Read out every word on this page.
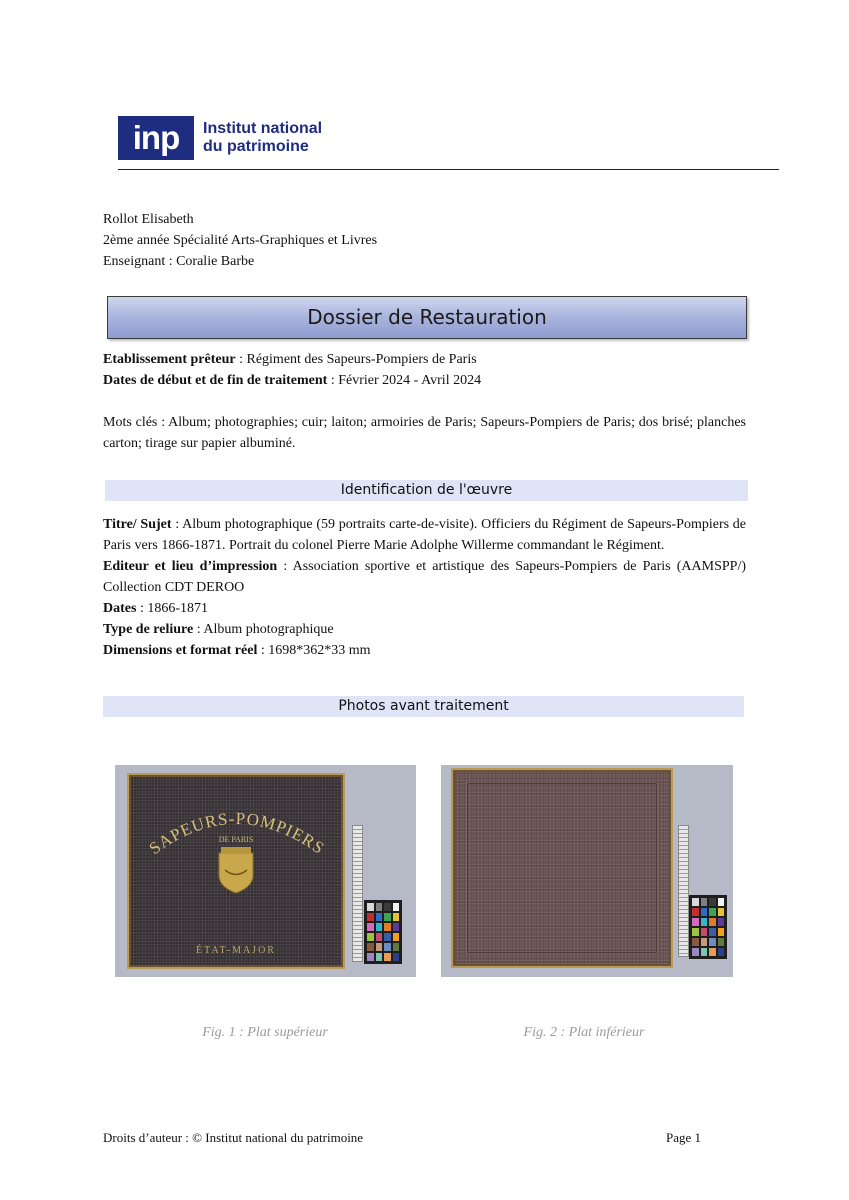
inp	Institut national
du patrimoine
Rollot Elisabeth
2ème année Spécialité Arts-Graphiques et Livres
Enseignant : Coralie Barbe
Dossier de Restauration
Etablissement prêteur : Régiment des Sapeurs-Pompiers de Paris
Dates de début et de fin de traitement : Février 2024 - Avril 2024
Mots clés : Album; photographies; cuir; laiton; armoiries de Paris; Sapeurs-Pompiers de Paris; dos brisé; planches carton; tirage sur papier albuminé.
Identification de l'œuvre
Titre/ Sujet : Album photographique (59 portraits carte-de-visite). Officiers du Régiment de Sapeurs-Pompiers de Paris vers 1866-1871. Portrait du colonel Pierre Marie Adolphe Willerme commandant le Régiment.
Editeur et lieu d’impression : Association sportive et artistique des Sapeurs-Pompiers de Paris (AAMSPP/) Collection CDT DEROO
Dates : 1866-1871
Type de reliure : Album photographique
Dimensions et format réel : 1698*362*33 mm
Photos avant traitement
SAPEURS-POMPIERS
DE PARIS
ÉTAT-MAJOR
Fig. 1 : Plat supérieur	Fig. 2 : Plat inférieur
Droits d’auteur : © Institut national du patrimoine	Page 1
